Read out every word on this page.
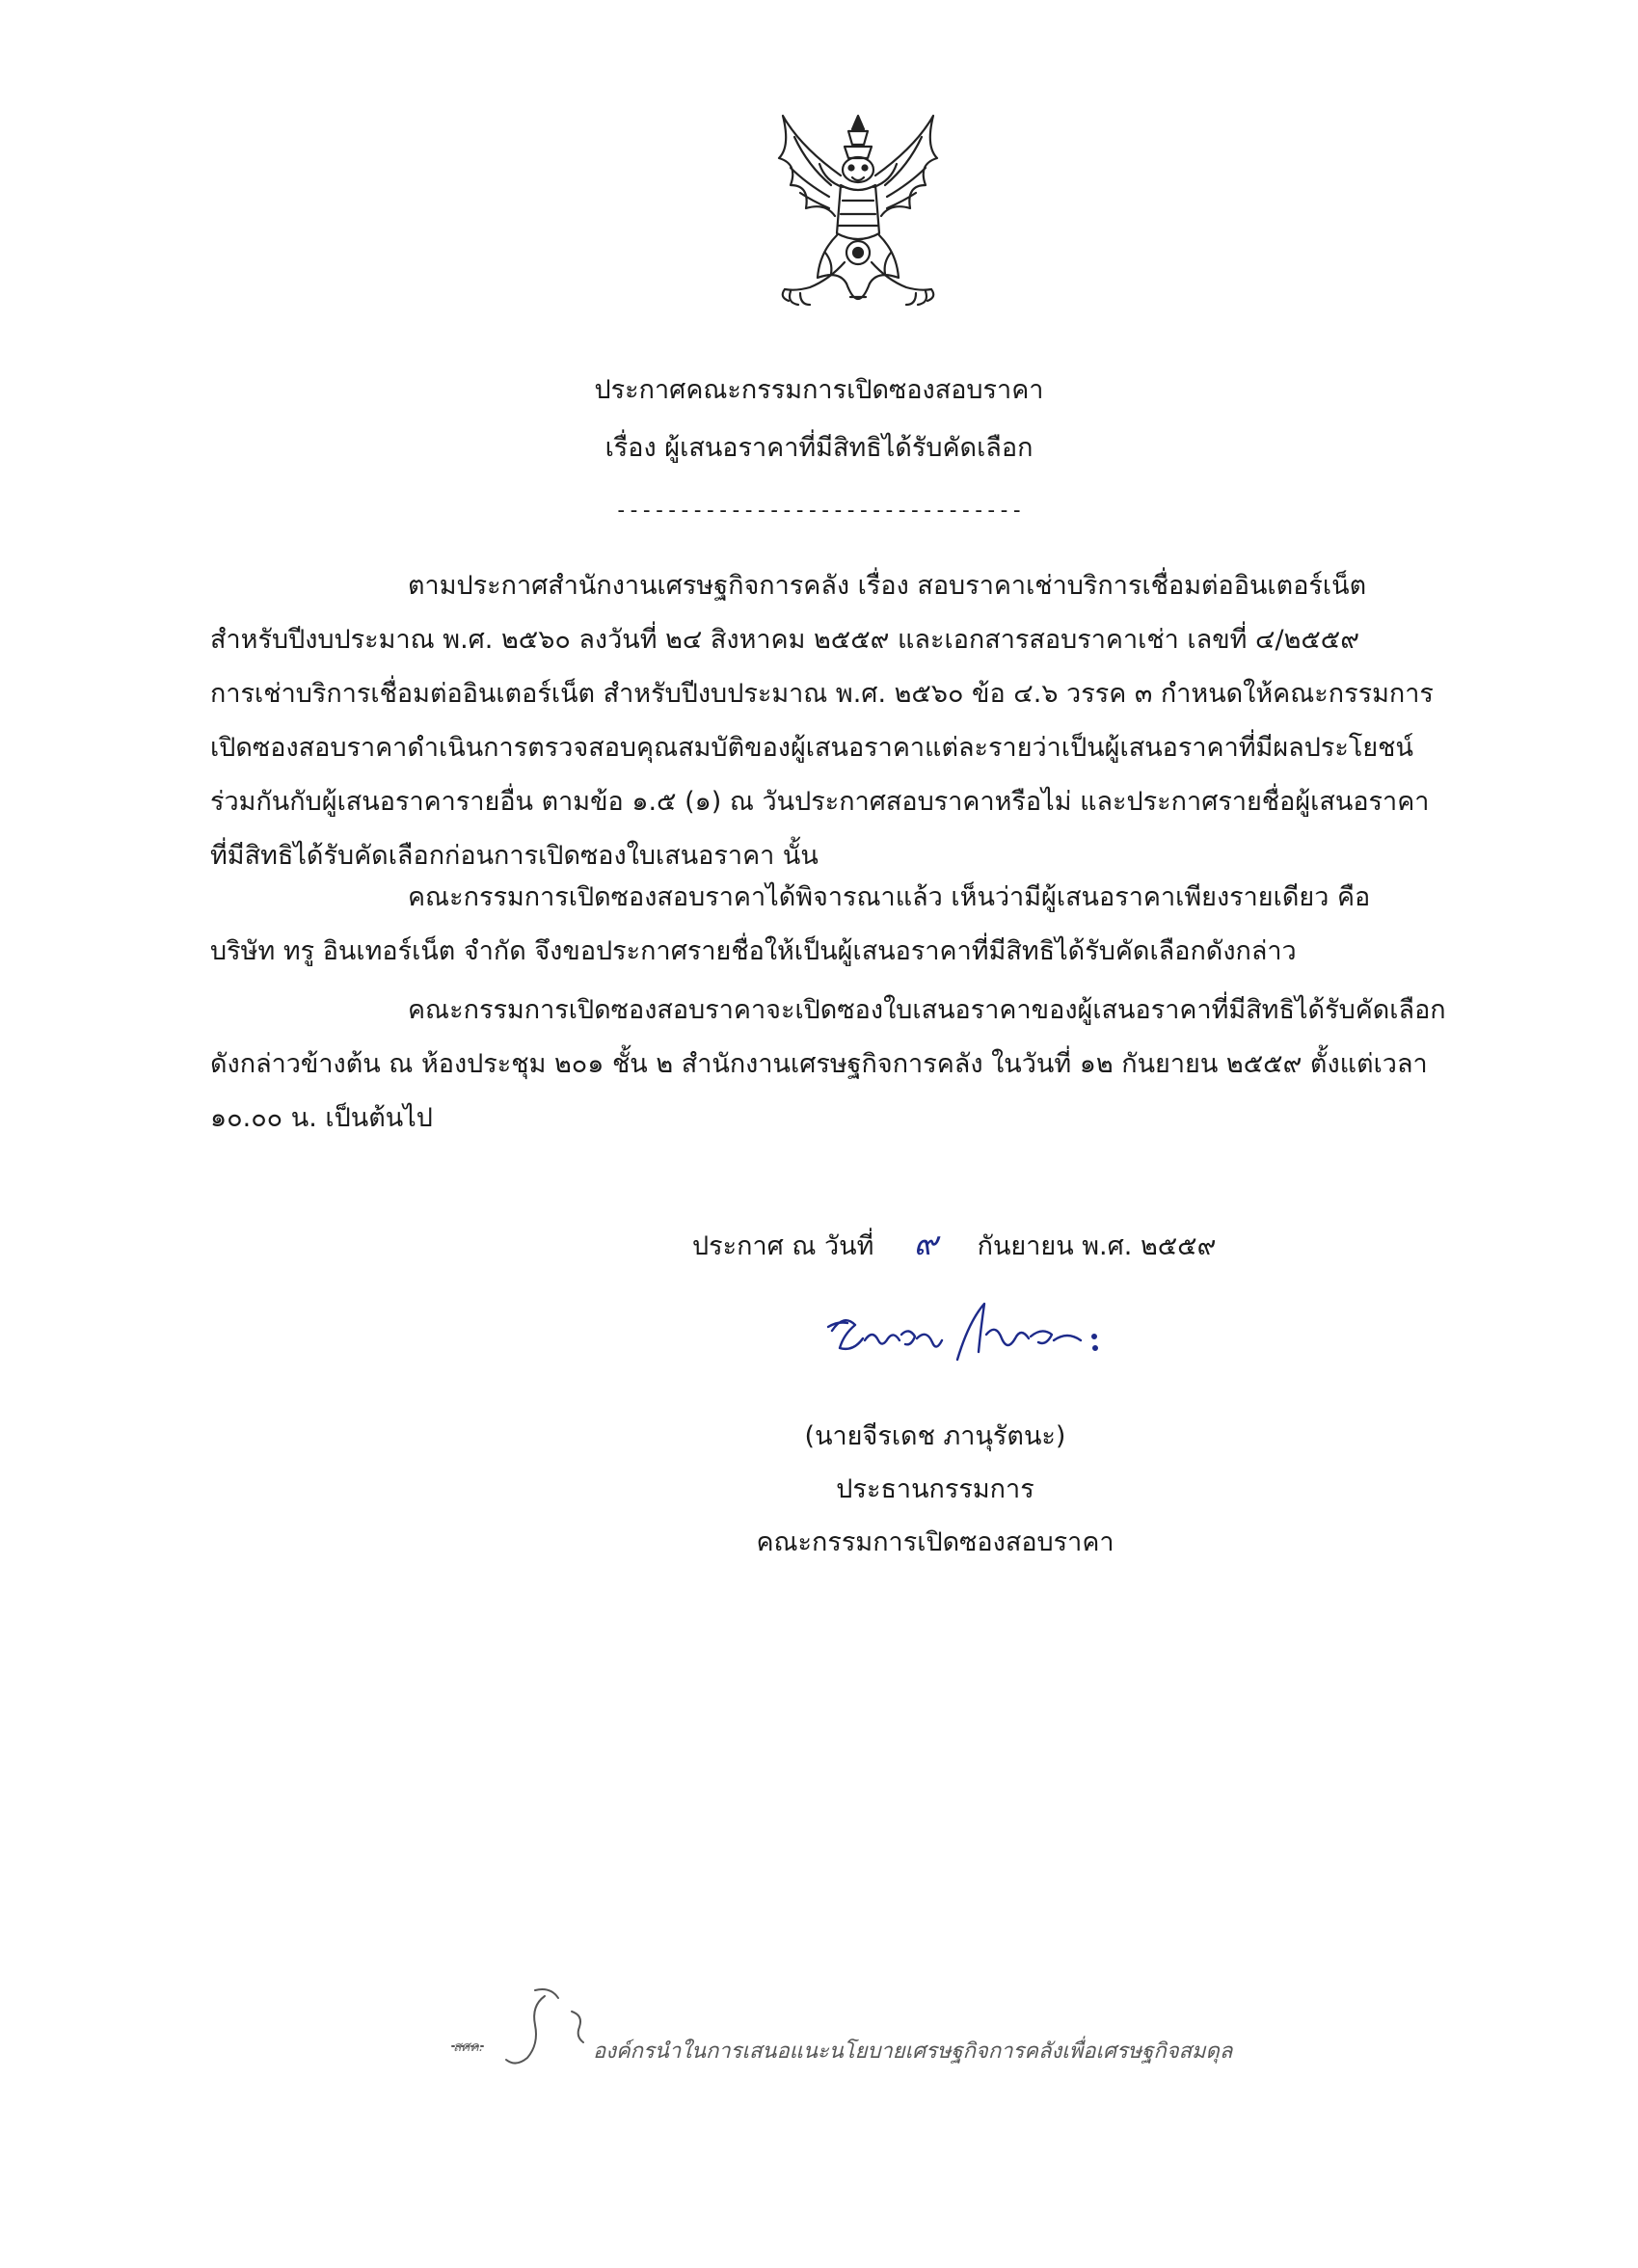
ประกาศคณะกรรมการเปิดซองสอบราคา
เรื่อง ผู้เสนอราคาที่มีสิทธิได้รับคัดเลือก
--------------------------------
ตามประกาศสำนักงานเศรษฐกิจการคลัง เรื่อง สอบราคาเช่าบริการเชื่อมต่ออินเตอร์เน็ต
สำหรับปีงบประมาณ พ.ศ. ๒๕๖๐ ลงวันที่ ๒๔ สิงหาคม ๒๕๕๙ และเอกสารสอบราคาเช่า เลขที่ ๔/๒๕๕๙
การเช่าบริการเชื่อมต่ออินเตอร์เน็ต สำหรับปีงบประมาณ พ.ศ. ๒๕๖๐ ข้อ ๔.๖ วรรค ๓ กำหนดให้คณะกรรมการ
เปิดซองสอบราคาดำเนินการตรวจสอบคุณสมบัติของผู้เสนอราคาแต่ละรายว่าเป็นผู้เสนอราคาที่มีผลประโยชน์
ร่วมกันกับผู้เสนอราคารายอื่น ตามข้อ ๑.๕ (๑) ณ วันประกาศสอบราคาหรือไม่ และประกาศรายชื่อผู้เสนอราคา
ที่มีสิทธิได้รับคัดเลือกก่อนการเปิดซองใบเสนอราคา นั้น
คณะกรรมการเปิดซองสอบราคาได้พิจารณาแล้ว เห็นว่ามีผู้เสนอราคาเพียงรายเดียว คือ
บริษัท ทรู อินเทอร์เน็ต จำกัด จึงขอประกาศรายชื่อให้เป็นผู้เสนอราคาที่มีสิทธิได้รับคัดเลือกดังกล่าว
คณะกรรมการเปิดซองสอบราคาจะเปิดซองใบเสนอราคาของผู้เสนอราคาที่มีสิทธิได้รับคัดเลือก
ดังกล่าวข้างต้น ณ ห้องประชุม ๒๐๑ ชั้น ๒ สำนักงานเศรษฐกิจการคลัง ในวันที่ ๑๒ กันยายน ๒๕๕๙ ตั้งแต่เวลา
๑๐.๐๐ น. เป็นต้นไป
ประกาศ ณ วันที่ ๙ กันยายน พ.ศ. ๒๕๕๙
(นายจีรเดช ภานุรัตนะ)
ประธานกรรมการ
คณะกรรมการเปิดซองสอบราคา
สศค.	องค์กรนำในการเสนอแนะนโยบายเศรษฐกิจการคลังเพื่อเศรษฐกิจสมดุล
